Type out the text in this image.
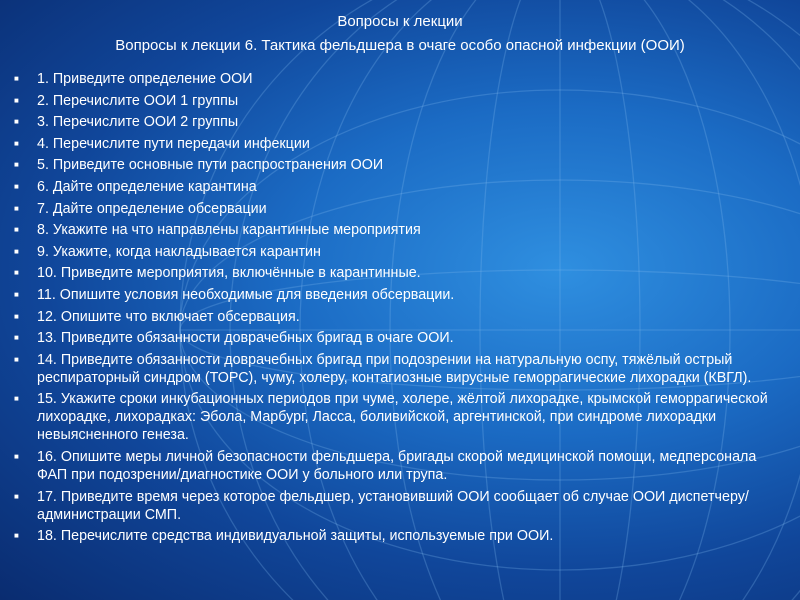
Вопросы к лекции
Вопросы к лекции 6. Тактика фельдшера в очаге особо опасной инфекции (ООИ)
■	1. Приведите определение ООИ
■	2. Перечислите ООИ 1 группы
■	3. Перечислите ООИ 2 группы
■	4. Перечислите пути передачи инфекции
■	5. Приведите основные пути распространения ООИ
■	6. Дайте определение карантина
■	7. Дайте определение обсервации
■	8. Укажите на что направлены карантинные мероприятия
■	9. Укажите, когда накладывается карантин
■	10. Приведите мероприятия, включённые в карантинные.
■	11. Опишите условия необходимые для введения обсервации.
■	12. Опишите что включает обсервация.
■	13. Приведите обязанности доврачебных бригад в очаге ООИ.
■	14. Приведите обязанности доврачебных бригад при подозрении на натуральную оспу, тяжёлый острый респираторный синдром (ТОРС), чуму, холеру, контагиозные вирусные геморрагические лихорадки (КВГЛ).
■	15. Укажите сроки инкубационных периодов при чуме, холере, жёлтой лихорадке, крымской геморрагической лихорадке, лихорадках: Эбола, Марбург, Ласса, боливийской, аргентинской, при синдроме лихорадки невыясненного генеза.
■	16. Опишите меры личной безопасности фельдшера, бригады скорой медицинской помощи, медперсонала ФАП при подозрении/диагностике ООИ у больного или трупа.
■	17. Приведите время через которое фельдшер, установивший ООИ сообщает об случае ООИ диспетчеру/администрации СМП.
■	18. Перечислите средства индивидуальной защиты, используемые при ООИ.
